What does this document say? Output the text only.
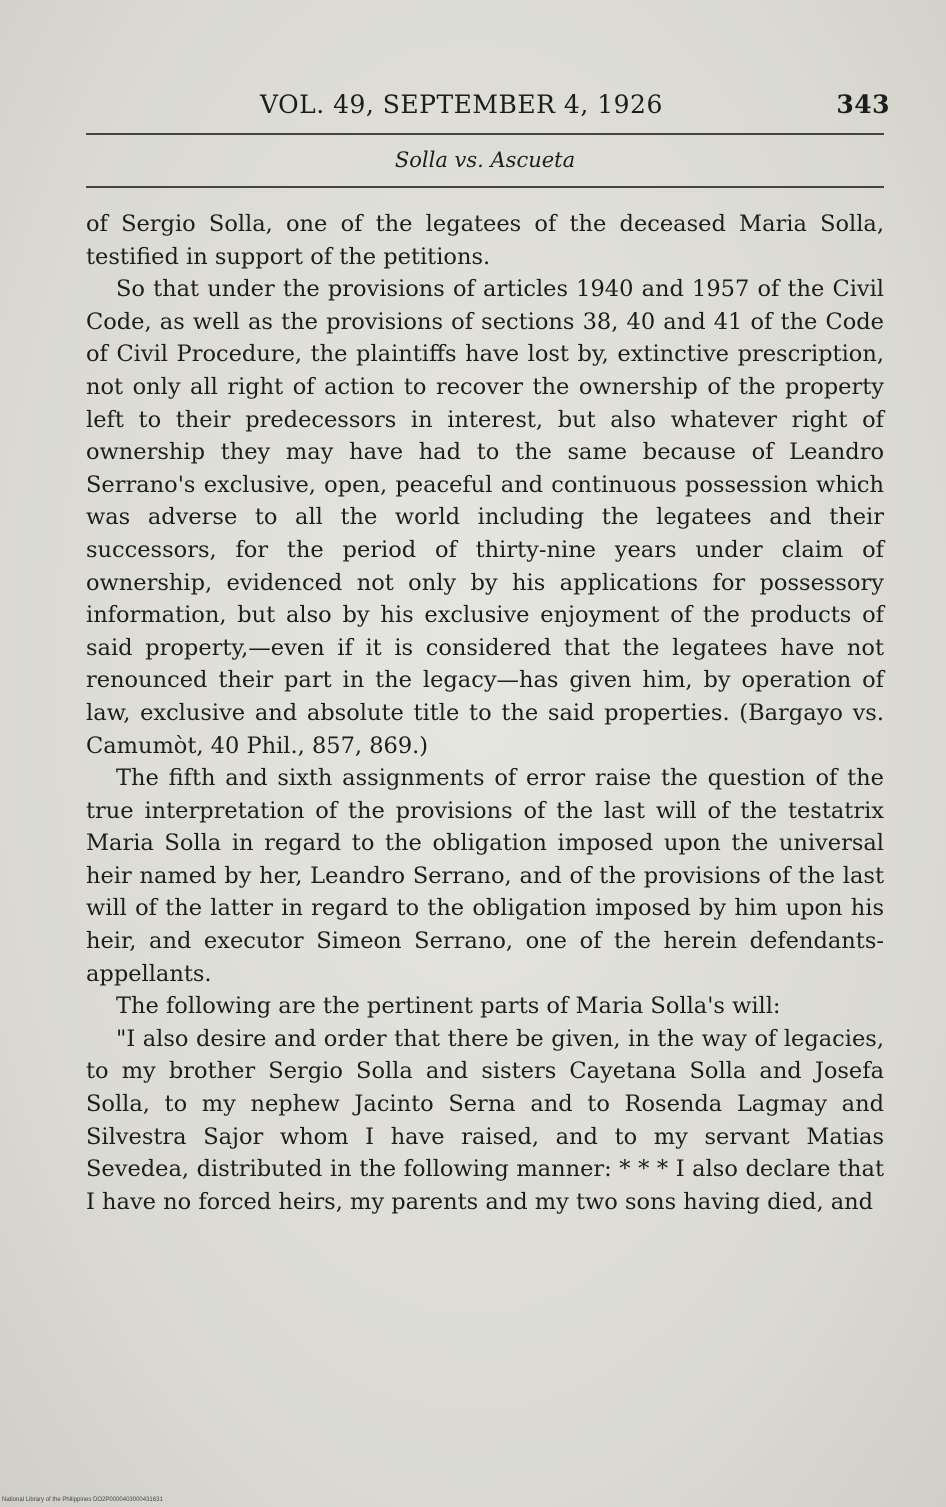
VOL. 49, SEPTEMBER 4, 1926	343
Solla vs. Ascueta

of Sergio Solla, one of the legatees of the deceased Maria Solla, testified in support of the petitions.

So that under the provisions of articles 1940 and 1957 of the Civil Code, as well as the provisions of sections 38, 40 and 41 of the Code of Civil Procedure, the plaintiffs have lost by, extinctive prescription, not only all right of action to recover the ownership of the property left to their predecessors in interest, but also whatever right of ownership they may have had to the same because of Leandro Serrano's exclusive, open, peaceful and continuous possession which was adverse to all the world including the legatees and their successors, for the period of thirty-nine years under claim of ownership, evidenced not only by his applications for possessory information, but also by his exclusive enjoyment of the products of said property,—even if it is considered that the legatees have not renounced their part in the legacy—has given him, by operation of law, exclusive and absolute title to the said properties. (Bargayo vs. Camumòt, 40 Phil., 857, 869.)

The fifth and sixth assignments of error raise the question of the true interpretation of the provisions of the last will of the testatrix Maria Solla in regard to the obligation imposed upon the universal heir named by her, Leandro Serrano, and of the provisions of the last will of the latter in regard to the obligation imposed by him upon his heir, and executor Simeon Serrano, one of the herein defendants-appellants.

The following are the pertinent parts of Maria Solla's will:

"I also desire and order that there be given, in the way of legacies, to my brother Sergio Solla and sisters Cayetana Solla and Josefa Solla, to my nephew Jacinto Serna and to Rosenda Lagmay and Silvestra Sajor whom I have raised, and to my servant Matias Sevedea, distributed in the following manner: * * * I also declare that I have no forced heirs, my parents and my two sons having died, and

National Library of the Philippines DO2P0000403000431631
